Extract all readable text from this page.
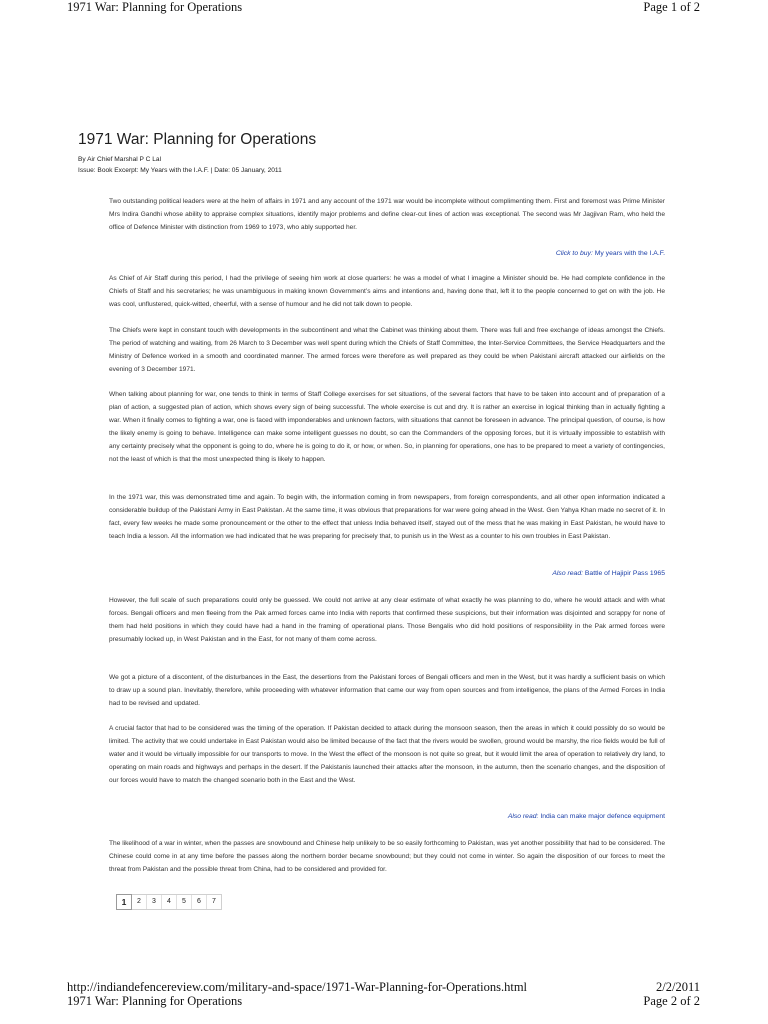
1971 War: Planning for Operations	Page 1 of 2
1971 War: Planning for Operations
By Air Chief Marshal P C Lal
Issue: Book Excerpt: My Years with the I.A.F. | Date: 05 January, 2011

Two outstanding political leaders were at the helm of affairs in 1971 and any account of the 1971 war would be incomplete without complimenting them. First and foremost was Prime Minister Mrs Indira Gandhi whose ability to appraise complex situations, identify major problems and define clear-cut lines of action was exceptional. The second was Mr Jagjivan Ram, who held the office of Defence Minister with distinction from 1969 to 1973, who ably supported her.

Click to buy: My years with the I.A.F.

As Chief of Air Staff during this period, I had the privilege of seeing him work at close quarters: he was a model of what I imagine a Minister should be. He had complete confidence in the Chiefs of Staff and his secretaries; he was unambiguous in making known Government’s aims and intentions and, having done that, left it to the people concerned to get on with the job. He was cool, unflustered, quick-witted, cheerful, with a sense of humour and he did not talk down to people.

The Chiefs were kept in constant touch with developments in the subcontinent and what the Cabinet was thinking about them. There was full and free exchange of ideas amongst the Chiefs. The period of watching and waiting, from 26 March to 3 December was well spent during which the Chiefs of Staff Committee, the Inter-Service Committees, the Service Headquarters and the Ministry of Defence worked in a smooth and coordinated manner. The armed forces were therefore as well prepared as they could be when Pakistani aircraft attacked our airfields on the evening of 3 December 1971.

When talking about planning for war, one tends to think in terms of Staff College exercises for set situations, of the several factors that have to be taken into account and of preparation of a plan of action, a suggested plan of action, which shows every sign of being successful. The whole exercise is cut and dry. It is rather an exercise in logical thinking than in actually fighting a war. When it finally comes to fighting a war, one is faced with imponderables and unknown factors, with situations that cannot be foreseen in advance. The principal question, of course, is how the likely enemy is going to behave. Intelligence can make some intelligent guesses no doubt, so can the Commanders of the opposing forces, but it is virtually impossible to establish with any certainty precisely what the opponent is going to do, where he is going to do it, or how, or when. So, in planning for operations, one has to be prepared to meet a variety of contingencies, not the least of which is that the most unexpected thing is likely to happen.

In the 1971 war, this was demonstrated time and again. To begin with, the information coming in from newspapers, from foreign correspondents, and all other open information indicated a considerable buildup of the Pakistani Army in East Pakistan. At the same time, it was obvious that preparations for war were going ahead in the West. Gen Yahya Khan made no secret of it. In fact, every few weeks he made some pronouncement or the other to the effect that unless India behaved itself, stayed out of the mess that he was making in East Pakistan, he would have to teach India a lesson. All the information we had indicated that he was preparing for precisely that, to punish us in the West as a counter to his own troubles in East Pakistan.

Also read: Battle of Hajipir Pass 1965

However, the full scale of such preparations could only be guessed. We could not arrive at any clear estimate of what exactly he was planning to do, where he would attack and with what forces. Bengali officers and men fleeing from the Pak armed forces came into India with reports that confirmed these suspicions, but their information was disjointed and scrappy for none of them had held positions in which they could have had a hand in the framing of operational plans. Those Bengalis who did hold positions of responsibility in the Pak armed forces were presumably locked up, in West Pakistan and in the East, for not many of them come across.

We got a picture of a discontent, of the disturbances in the East, the desertions from the Pakistani forces of Bengali officers and men in the West, but it was hardly a sufficient basis on which to draw up a sound plan. Inevitably, therefore, while proceeding with whatever information that came our way from open sources and from intelligence, the plans of the Armed Forces in India had to be revised and updated.

A crucial factor that had to be considered was the timing of the operation. If Pakistan decided to attack during the monsoon season, then the areas in which it could possibly do so would be limited. The activity that we could undertake in East Pakistan would also be limited because of the fact that the rivers would be swollen, ground would be marshy, the rice fields would be full of water and it would be virtually impossible for our transports to move. In the West the effect of the monsoon is not quite so great, but it would limit the area of operation to relatively dry land, to operating on main roads and highways and perhaps in the desert. If the Pakistanis launched their attacks after the monsoon, in the autumn, then the scenario changes, and the disposition of our forces would have to match the changed scenario both in the East and the West.

Also read: India can make major defence equipment

The likelihood of a war in winter, when the passes are snowbound and Chinese help unlikely to be so easily forthcoming to Pakistan, was yet another possibility that had to be considered. The Chinese could come in at any time before the passes along the northern border became snowbound; but they could not come in winter. So again the disposition of our forces to meet the threat from Pakistan and the possible threat from China, had to be considered and provided for.

1	2	3	4	5	6	7
http://indiandefencereview.com/military-and-space/1971-War-Planning-for-Operations.html	2/2/2011
1971 War: Planning for Operations	Page 2 of 2
